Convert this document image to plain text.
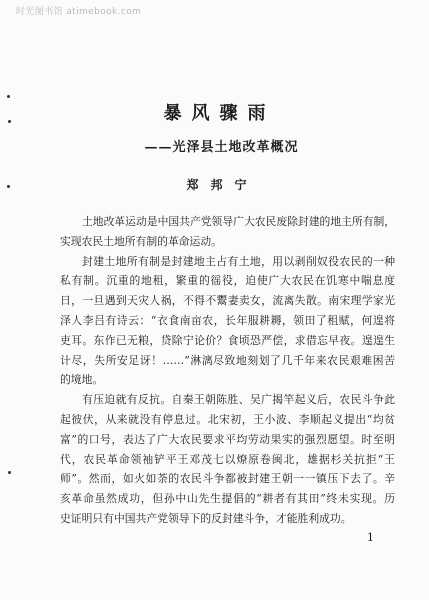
时光图书馆 atimebook.com
暴风骤雨
——光泽县土地改革概况
郑邦宁
土地改革运动是中国共产党领导广大农民废除封建的地主所有制，
实现农民土地所有制的革命运动。
封建土地所有制是封建地主占有土地，用以剥削奴役农民的一种
私有制。沉重的地租，繁重的徭役，迫使广大农民在饥寒中喘息度
日，一旦遇到天灾人祸，不得不鬻妻卖女，流离失散。南宋理学家光
泽人李吕有诗云：“衣食南亩农，长年服耕耨，领田了租赋，何遑将
吏耳。东作已无粮，贷除宁论价？食顷恐严偿，求借忘早夜。遑遑生
计尽，失所安足讶！……”淋漓尽致地刻划了几千年来农民艰难困苦
的境地。
有压迫就有反抗。自秦王朝陈胜、吴广揭竿起义后，农民斗争此
起彼伏，从来就没有停息过。北宋初，王小波、李顺起义提出“均贫
富”的口号，表达了广大农民要求平均劳动果实的强烈愿望。时至明
代，农民革命领袖铲平王邓茂七以燎原卷闽北，雄据杉关抗拒“王
师”。然而，如火如荼的农民斗争都被封建王朝一一镇压下去了。辛
亥革命虽然成功，但孙中山先生提倡的“耕者有其田”终未实现。历
史证明只有中国共产党领导下的反封建斗争，才能胜利成功。
1
